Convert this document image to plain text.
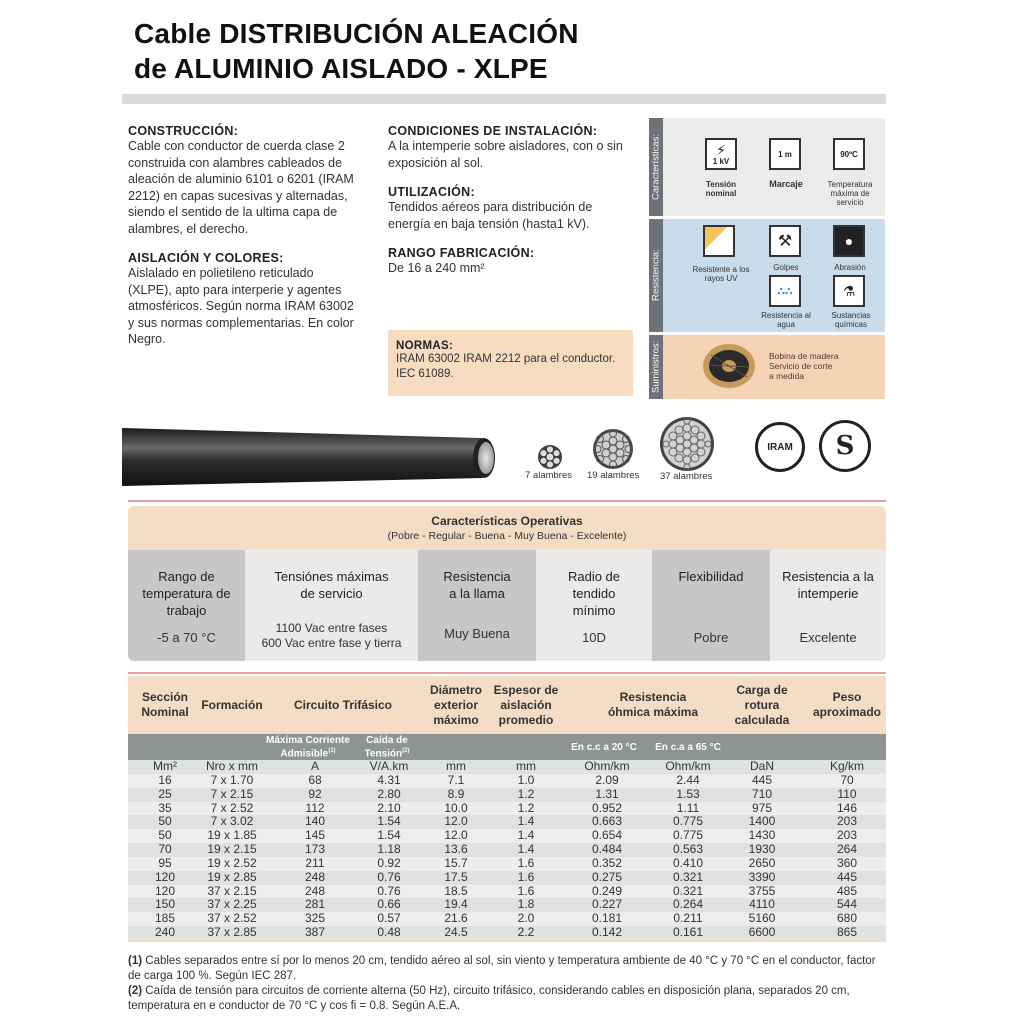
Cable DISTRIBUCIÓN ALEACIÓN
de ALUMINIO AISLADO - XLPE
CONSTRUCCIÓN:
Cable con conductor de cuerda clase 2 construida con alambres cableados de aleación de aluminio 6101 o 6201 (IRAM 2212) en capas sucesivas y alternadas, siendo el sentido de la ultima capa de alambres, el derecho.
AISLACIÓN Y COLORES:
Aislalado en polietileno reticulado (XLPE), apto para interperie y agentes atmosféricos. Según norma IRAM 63002 y sus normas complementarias. En color Negro.
CONDICIONES DE INSTALACIÓN:
A la intemperie sobre aisladores, con o sin exposición al sol.
UTILIZACIÓN:
Tendidos aéreos para distribución de energía en baja tensión (hasta1 kV).
RANGO FABRICACIÓN:
De 16 a 240 mm²
NORMAS:
IRAM 63002 IRAM 2212 para el conductor.
IEC 61089.
Características:	⚡
1 kV
Tensión nominal
1 m
Marcaje
90ºC
Temperatura máxima de servicio
Resistencia:	Resistente a los rayos UV
⚒
Golpes
●
Abrasión
∴∴
Resistencia al agua
⚗
Sustancias químicas
Suministros:	Bobina de madera
Servicio de corte
a medida
7 alambres 19 alambres 37 alambres
IRAM S
Características Operativas
(Pobre - Regular - Buena - Muy Buena - Excelente)
Rango de temperatura de trabajo
-5 a 70 °C
Tensiónes máximas de servicio
1100 Vac entre fases
600 Vac entre fase y tierra
Resistencia a la llama
Muy Buena
Radio de tendido mínimo
10D
Flexibilidad
Pobre
Resistencia a la intemperie
Excelente
Sección Nominal
Formación	Circuito Trifásico
Diámetro exterior máximo
Espesor de aislación promedio
Resistencia óhmica máxima
Carga de rotura calculada
Peso aproximado
Máxima Corriente Admisible$^{(1)}$
Caída de Tensión$^{(2)}$	En c.c a 20 °C	En c.a a 65 °C
Mm²	Nro x mm	A	V/A.km	mm	mm	Ohm/km	Ohm/km	DaN	Kg/km
16	7 x 1.70	68	4.31	7.1	1.0	2.09	2.44	445	70
25	7 x 2.15	92	2.80	8.9	1.2	1.31	1.53	710	110
35	7 x 2.52	112	2.10	10.0	1.2	0.952	1.11	975	146
50	7 x 3.02	140	1.54	12.0	1.4	0.663	0.775	1400	203
50	19 x 1.85	145	1.54	12.0	1.4	0.654	0.775	1430	203
70	19 x 2.15	173	1.18	13.6	1.4	0.484	0.563	1930	264
95	19 x 2.52	211	0.92	15.7	1.6	0.352	0.410	2650	360
120	19 x 2.85	248	0.76	17.5	1.6	0.275	0.321	3390	445
120	37 x 2.15	248	0.76	18.5	1.6	0.249	0.321	3755	485
150	37 x 2.25	281	0.66	19.4	1.8	0.227	0.264	4110	544
185	37 x 2.52	325	0.57	21.6	2.0	0.181	0.211	5160	680
240	37 x 2.85	387	0.48	24.5	2.2	0.142	0.161	6600	865
(1) Cables separados entre sí por lo menos 20 cm, tendido aéreo al sol, sin viento y temperatura ambiente de 40 °C y 70 °C en el conductor, factor de carga 100 %. Según IEC 287.
(2) Caída de tensión para circuitos de corriente alterna (50 Hz), circuito trifásico, considerando cables en disposición plana, separados 20 cm, temperatura en e conductor de 70 °C y cos fi = 0.8. Según A.E.A.
